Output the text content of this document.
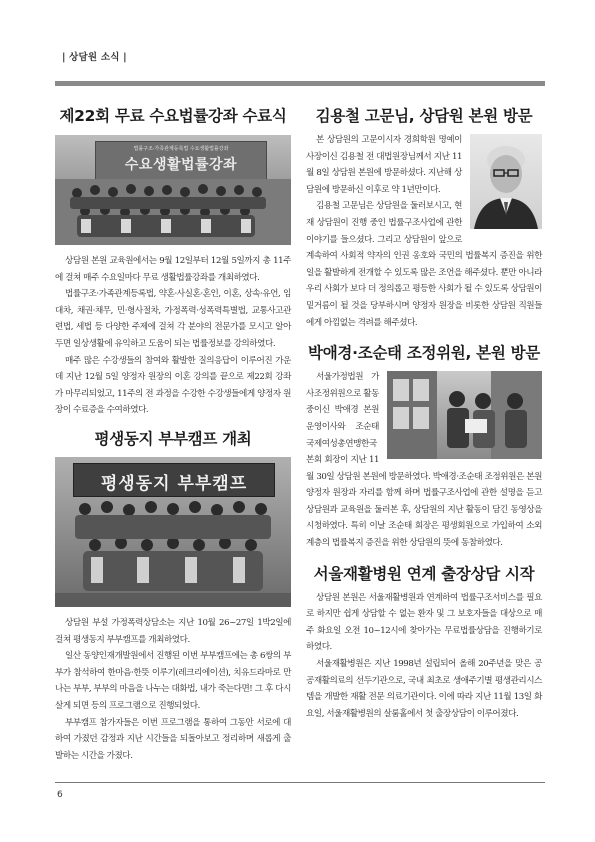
| 상담원 소식 |
제22회 무료 수요법률강좌 수료식
법률구조·가족관계등록법 수요생활법률강좌
수요생활법률강좌

상담원 본원 교육원에서는 9월 12일부터 12월 5일까지 총 11주에 걸쳐 매주 수요일마다 무료 생활법률강좌를 개최하였다.

법률구조·가족관계등록법, 약혼·사실혼·혼인, 이혼, 상속·유언, 임대차, 채권·채무, 민·형사절차, 가정폭력·성폭력특별법, 교통사고관련법, 세법 등 다양한 주제에 걸쳐 각 분야의 전문가를 모시고 알아두면 일상생활에 유익하고 도움이 되는 법률정보를 강의하였다.

매주 많은 수강생들의 참여와 활발한 질의응답이 이루어진 가운데 지난 12월 5일 양정자 원장의 이혼 강의를 끝으로 제22회 강좌가 마무리되었고, 11주의 전 과정을 수강한 수강생들에게 양정자 원장이 수료증을 수여하였다.

평생동지 부부캠프 개최
평생동지 부부캠프

상담원 부설 가정폭력상담소는 지난 10월 26~27일 1박2일에 걸쳐 평생동지 부부캠프를 개최하였다.

일산 동양인재개발원에서 진행된 이번 부부캠프에는 총 6쌍의 부부가 참석하여 한마음·한뜻 이루기(레크리에이션), 치유드라마로 만나는 부부, 부부의 마음을 나누는 대화법, 내가 죽는다면! 그 후 다시 살게 되면 등의 프로그램으로 진행되었다.

부부캠프 참가자들은 이번 프로그램을 통하여 그동안 서로에 대하여 가졌던 감정과 지난 시간들을 되돌아보고 정리하며 새롭게 출발하는 시간을 가졌다.

김용철 고문님, 상담원 본원 방문

본 상담원의 고문이시자 경희학원 명예이사장이신 김용철 전 대법원장님께서 지난 11월 8일 상담원 본원에 방문하셨다. 지난해 상담원에 방문하신 이후로 약 1년만이다.

김용철 고문님은 상담원을 둘러보시고, 현재 상담원이 진행 중인 법률구조사업에 관한 이야기를 들으셨다. 그리고 상담원이 앞으로 계속하여 사회적 약자의 인권 옹호와 국민의 법률복지 증진을 위한 일을 활발하게 전개할 수 있도록 많은 조언을 해주셨다. 뿐만 아니라 우리 사회가 보다 더 정의롭고 평등한 사회가 될 수 있도록 상담원이 밑거름이 될 것을 당부하시며 양정자 원장을 비롯한 상담원 직원들에게 아낌없는 격려를 해주셨다.

박애경·조순태 조정위원, 본원 방문

서울가정법원 가사조정위원으로 활동 중이신 박애경 본원 운영이사와 조순태 국제여성총연맹한국본회 회장이 지난 11월 30일 상담원 본원에 방문하였다. 박애경·조순태 조정위원은 본원 양정자 원장과 자리를 함께 하며 법률구조사업에 관한 설명을 듣고 상담원과 교육원을 둘러본 후, 상담원의 지난 활동이 담긴 동영상을 시청하였다. 특히 이날 조순태 회장은 평생회원으로 가입하여 소외계층의 법률복지 증진을 위한 상담원의 뜻에 동참하였다.

서울재활병원 연계 출장상담 시작

상담원 본원은 서울재활병원과 연계하여 법률구조서비스를 필요로 하지만 쉽게 상담할 수 없는 환자 및 그 보호자들을 대상으로 매주 화요일 오전 10~12시에 찾아가는 무료법률상담을 진행하기로 하였다.

서울재활병원은 지난 1998년 설립되어 올해 20주년을 맞은 공공재활의료의 선두기관으로, 국내 최초로 생애주기별 평생관리시스템을 개발한 재활 전문 의료기관이다. 이에 따라 지난 11월 13일 화요일, 서울재활병원의 살룸홀에서 첫 출장상담이 이루어졌다.

6
